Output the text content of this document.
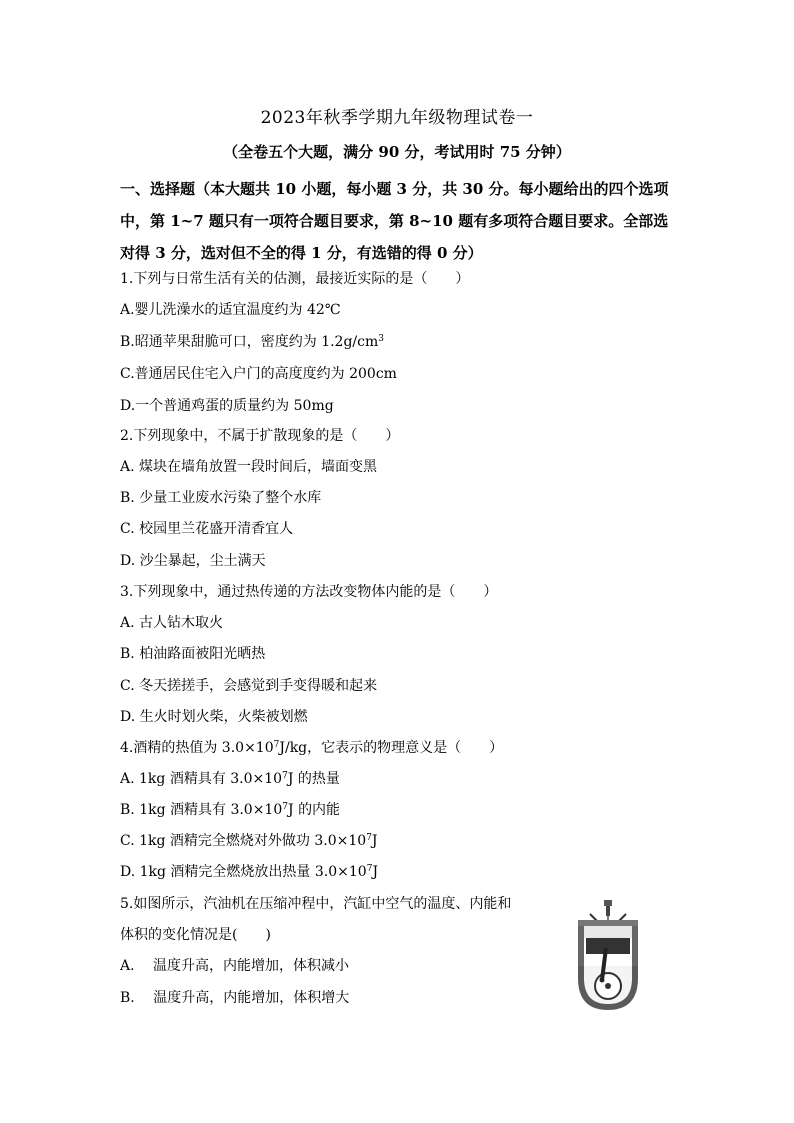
2023年秋季学期九年级物理试卷一
（全卷五个大题，满分 90 分，考试用时 75 分钟）
一、选择题（本大题共 10 小题，每小题 3 分，共 30 分。每小题给出的四个选项中，第 1~7 题只有一项符合题目要求，第 8~10 题有多项符合题目要求。全部选对得 3 分，选对但不全的得 1 分，有选错的得 0 分）
1.下列与日常生活有关的估测，最接近实际的是（　　）
A.婴儿洗澡水的适宜温度约为 42℃
B.昭通苹果甜脆可口，密度约为 $1.2g/cm^3$
C.普通居民住宅入户门的高度度约为 200cm
D.一个普通鸡蛋的质量约为 50mg
2.下列现象中，不属于扩散现象的是（　　）
A. 煤块在墙角放置一段时间后，墙面变黑
B. 少量工业废水污染了整个水库
C. 校园里兰花盛开清香宜人
D. 沙尘暴起，尘土满天
3.下列现象中，通过热传递的方法改变物体内能的是（　　）
A. 古人钻木取火
B. 柏油路面被阳光晒热
C. 冬天搓搓手，会感觉到手变得暖和起来
D. 生火时划火柴，火柴被划燃
4.酒精的热值为 $3.0\times 10^7J/kg$，它表示的物理意义是（　　）
A. 1kg 酒精具有 $3.0\times 10^7J$ 的热量
B. 1kg 酒精具有 $3.0\times 10^7J$ 的内能
C. 1kg 酒精完全燃烧对外做功 $3.0\times 10^7J$
D. 1kg 酒精完全燃烧放出热量 $3.0\times 10^7J$
5.如图所示，汽油机在压缩冲程中，汽缸中空气的温度、内能和
体积的变化情况是(　　)
A.　 温度升高，内能增加，体积减小
B.　 温度升高，内能增加，体积增大
